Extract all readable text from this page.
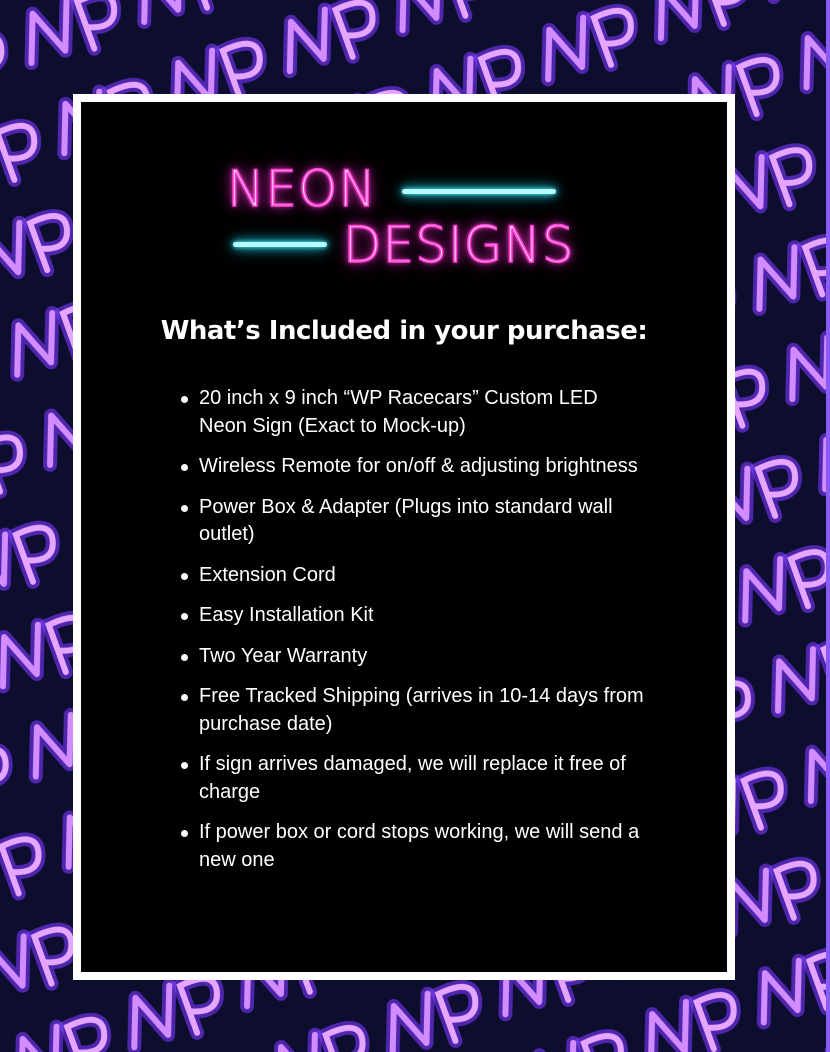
NEON
DESIGNS
What’s Included in your purchase:
20 inch x 9 inch “WP Racecars” Custom LED Neon Sign (Exact to Mock-up)
Wireless Remote for on/off & adjusting brightness
Power Box & Adapter (Plugs into standard wall outlet)
Extension Cord
Easy Installation Kit
Two Year Warranty
Free Tracked Shipping (arrives in 10-14 days from purchase date)
If sign arrives damaged, we will replace it free of charge
If power box or cord stops working, we will send a new one
